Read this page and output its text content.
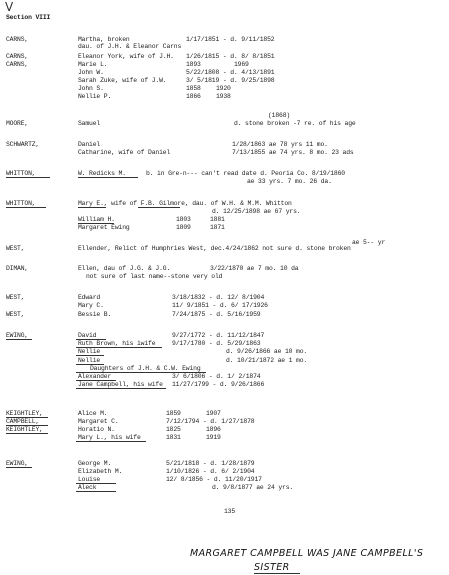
V
Section VIII
CARNS,	Martha, broken	1/17/1851 - d. 9/11/1852
dau. of J.H. & Eleanor Carns
CARNS,	Eleanor York, wife of J.H. 1/26/1815 - d. 8/ 8/1851
CARNS,	Marie L.	1893	1969
John W.	5/22/1808 - d. 4/13/1891
Sarah Zuke, wife of J.W.	3/ 5/1819 - d. 9/25/1898
John S.	1858 1920
Nellie P.	1866 1938
(1868)
MOORE,	Samuel	d. stone broken -7 re. of his age
SCHWARTZ,	Daniel	1/28/1863 ae 78 yrs 11 mo.
Catharine, wife of Daniel	7/13/1855 ae 74 yrs. 8 mo. 23 ads
WHITTON,	W. Redicks M.	b. in Gre-n--- can't read date d. Peoria Co. 8/19/1860
ae 33 yrs. 7 mo. 26 da.
WHITTON,	Mary E., wife of F.B. Gilmore, dau. of W.H. & M.M. Whitton
d. 12/25/1898 ae 67 yrs.
William H.	1803	1881
Margaret Ewing	1809	1871
ae 5-- yr
WEST,	Ellender, Relict of Humphries West, dec.4/24/1862 not sure d. stone broken
DIMAN,	Ellen, dau of J.G. & J.G.	3/22/1870 ae 7 mo. 10 da
not sure of last name--stone very old
WEST,	Edward	3/18/1832 - d. 12/ 8/1904
Mary C.	11/ 9/1851 - d. 6/ 17/1926
WEST,	Bessie B.	7/24/1875 - d. 5/16/1959
EWING,	David	9/27/1772 - d. 11/12/1847
Ruth Brown, his iwife	9/17/1780 - d. 5/29/1863
Nellie	d. 9/26/1866 ae 10 mo.
Nellie	d. 10/21/1872 ae 1 mo.
Daughters of J.H. & C.W. Ewing
Alexander	3/ 6/1806 - d. 1/ 2/1874
Jane Campbell, his wife 11/27/1799 - d. 9/26/1866
KEIGHTLEY,	Alice M.	1859	1907
CAMPBELL,	Margaret C.	7/12/1794 - d. 1/27/1878
KEIGHTLEY,	Horatio N.	1825	1896
Mary L., his wife	1831	1919
EWING,	George M.	5/21/1818 - d. 1/28/1879
Elizabeth M.	1/10/1826 - d. 6/ 2/1904
Louise	12/ 8/1856 - d. 11/20/1917
Aleck	d. 9/8/1877 ae 24 yrs.
135
MARGARET CAMPBELL WAS JANE CAMPBELL'S
SISTER
